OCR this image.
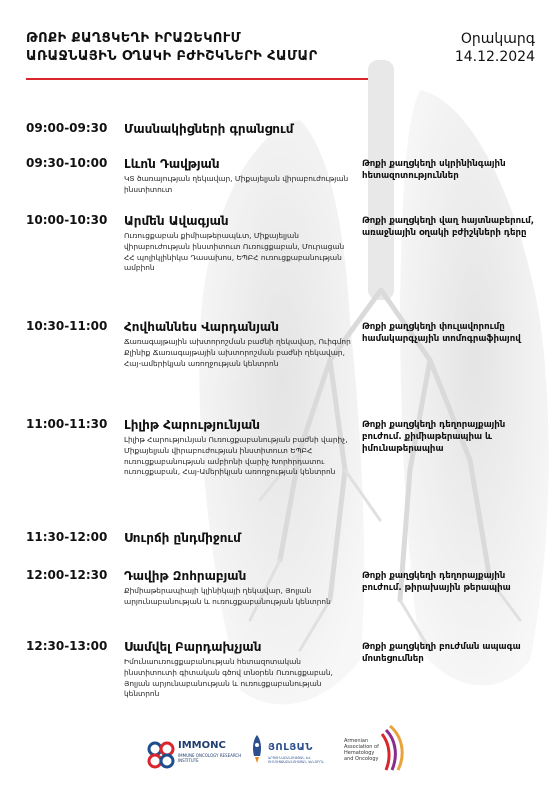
ԹՈՔԻ ՔԱՂՑԿԵՂԻ ԻՐԱԶԵԿՈՒՄ
ԱՌԱՋՆԱՅԻՆ ՕՂԱԿԻ ԲԺԻՇԿՆԵՐԻ ՀԱՄԱՐ
Օրակարգ
14.12.2024
09:00-09:30 Մասնակիցների գրանցում
09:30-10:00 Լևոն Դավթյան
ԿՏ ծառայության ղեկավար, Միքայելյան վիրաբուժության ինստիտուտ
Թոքի քաղցկեղի սկրինինգային հետազոտություններ
10:00-10:30 Արմեն Ավագյան
Ուռուցքաբան քիմիաթերապևտ, Միքայելյան վիրաբուժության ինստիտուտ Ուռուցքաբան, Մուրացան ՀՀ պոլիկլինիկա Դասախոս, ԵՊԲՀ ուռուցքաբանության ամբիոն
Թոքի քաղցկեղի վաղ հայտնաբերում, առաջնային օղակի բժիշկների դերը
10:30-11:00 Հովհաննես Վարդանյան
Ճառագայթային ախտորոշման բաժնի ղեկավար, Ուիգմոր Քլինիք Ճառագայթային ախտորոշման բաժնի ղեկավար, Հայ-ամերիկյան առողջության կենտրոն
Թոքի քաղցկեղի փուլավորումը համակարգչային տոմոգրաֆիայով
11:00-11:30 Լիլիթ Հարությունյան
Լիլիթ Հարությունյան Ուռուցքաբանության բաժնի վարիչ, Միքայելյան վիրաբուժության ինստիտուտ ԵՊԲՀ ուռուցքաբանության ամբիոնի վարիչ Խորհրդատու ուռուցքաբան, Հայ-Ամերիկյան առողջության կենտրոն
Թոքի քաղցկեղի դեղորայքային բուժում. քիմիաթերապիա և իմունաթերապիա
11:30-12:00 Սուրճի ընդմիջում
12:00-12:30 Դավիթ Զոհրաբյան
Քիմիաթերապիայի կլինիկայի ղեկավար, Յոլյան արյունաբանության և ուռուցքաբանության կենտրոն
Թոքի քաղցկեղի դեղորայքային բուժում. թիրախային թերապիա
12:30-13:00 Սամվել Բարդախչյան
Իմունաուռուցքաբանության հետազոտական ինստիտուտի գիտական գծով տնօրեն Ուռուցքաբան, Յոլյան արյունաբանության և ուռուցքաբանության կենտրոն
Թոքի քաղցկեղի բուժման ապագա մոտեցումներ
IMMONC
IMMUNE ONCOLOGY RESEARCH INSTITUTE
ՅՈԼՅԱՆ
ԱՐՅՈՒՆԱԲԱՆՈՒԹՅԱՆ ԵՎ ՈՒՌՈՒՑՔԱԲԱՆՈՒԹՅԱՆ ԿԵՆՏՐՈՆ
Armenian Association of Hematology and Oncology
